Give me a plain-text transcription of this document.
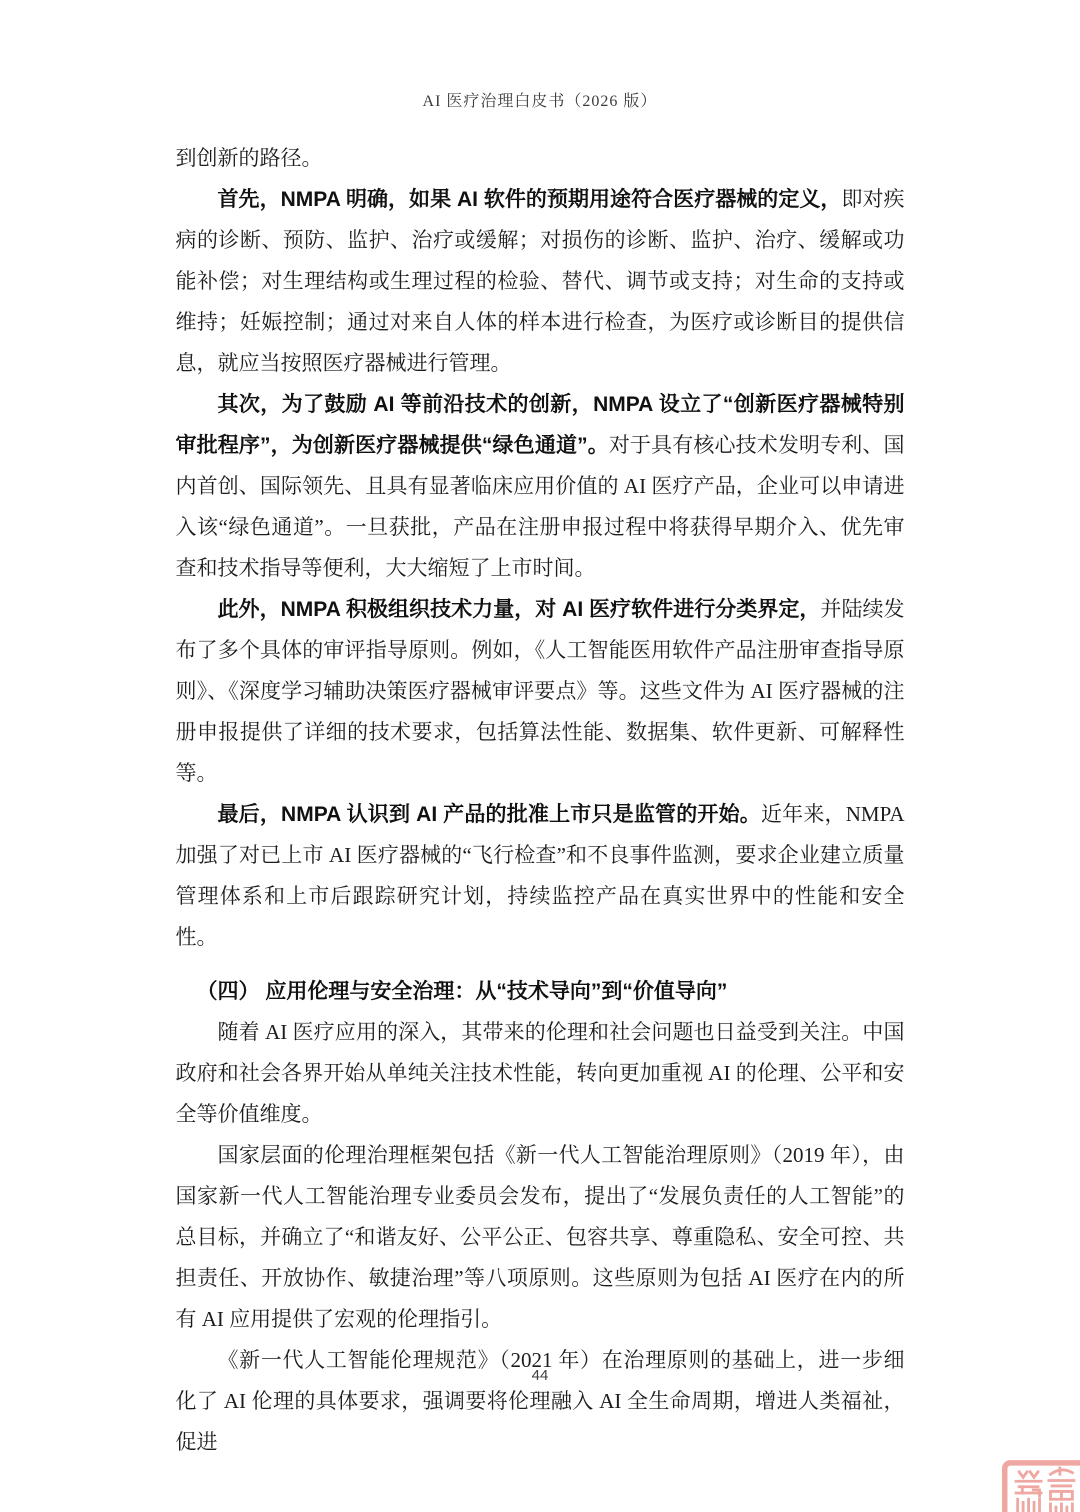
AI 医疗治理白皮书（2026 版）

到创新的路径。

首先，NMPA 明确，如果 AI 软件的预期用途符合医疗器械的定义，即对疾病的诊断、预防、监护、治疗或缓解；对损伤的诊断、监护、治疗、缓解或功能补偿；对生理结构或生理过程的检验、替代、调节或支持；对生命的支持或维持；妊娠控制；通过对来自人体的样本进行检查，为医疗或诊断目的提供信息，就应当按照医疗器械进行管理。

其次，为了鼓励 AI 等前沿技术的创新，NMPA 设立了“创新医疗器械特别审批程序”，为创新医疗器械提供“绿色通道”。对于具有核心技术发明专利、国内首创、国际领先、且具有显著临床应用价值的 AI 医疗产品，企业可以申请进入该“绿色通道”。一旦获批，产品在注册申报过程中将获得早期介入、优先审查和技术指导等便利，大大缩短了上市时间。

此外，NMPA 积极组织技术力量，对 AI 医疗软件进行分类界定，并陆续发布了多个具体的审评指导原则。例如，《人工智能医用软件产品注册审查指导原则》、《深度学习辅助决策医疗器械审评要点》等。这些文件为 AI 医疗器械的注册申报提供了详细的技术要求，包括算法性能、数据集、软件更新、可解释性等。

最后，NMPA 认识到 AI 产品的批准上市只是监管的开始。近年来，NMPA 加强了对已上市 AI 医疗器械的“飞行检查”和不良事件监测，要求企业建立质量管理体系和上市后跟踪研究计划，持续监控产品在真实世界中的性能和安全性。

（四） 应用伦理与安全治理：从“技术导向”到“价值导向”

随着 AI 医疗应用的深入，其带来的伦理和社会问题也日益受到关注。中国政府和社会各界开始从单纯关注技术性能，转向更加重视 AI 的伦理、公平和安全等价值维度。

国家层面的伦理治理框架包括《新一代人工智能治理原则》（2019 年），由国家新一代人工智能治理专业委员会发布，提出了“发展负责任的人工智能”的总目标，并确立了“和谐友好、公平公正、包容共享、尊重隐私、安全可控、共担责任、开放协作、敏捷治理”等八项原则。这些原则为包括 AI 医疗在内的所有 AI 应用提供了宏观的伦理指引。

《新一代人工智能伦理规范》（2021 年）在治理原则的基础上，进一步细化了 AI 伦理的具体要求，强调要将伦理融入 AI 全生命周期，增进人类福祉，促进

44
